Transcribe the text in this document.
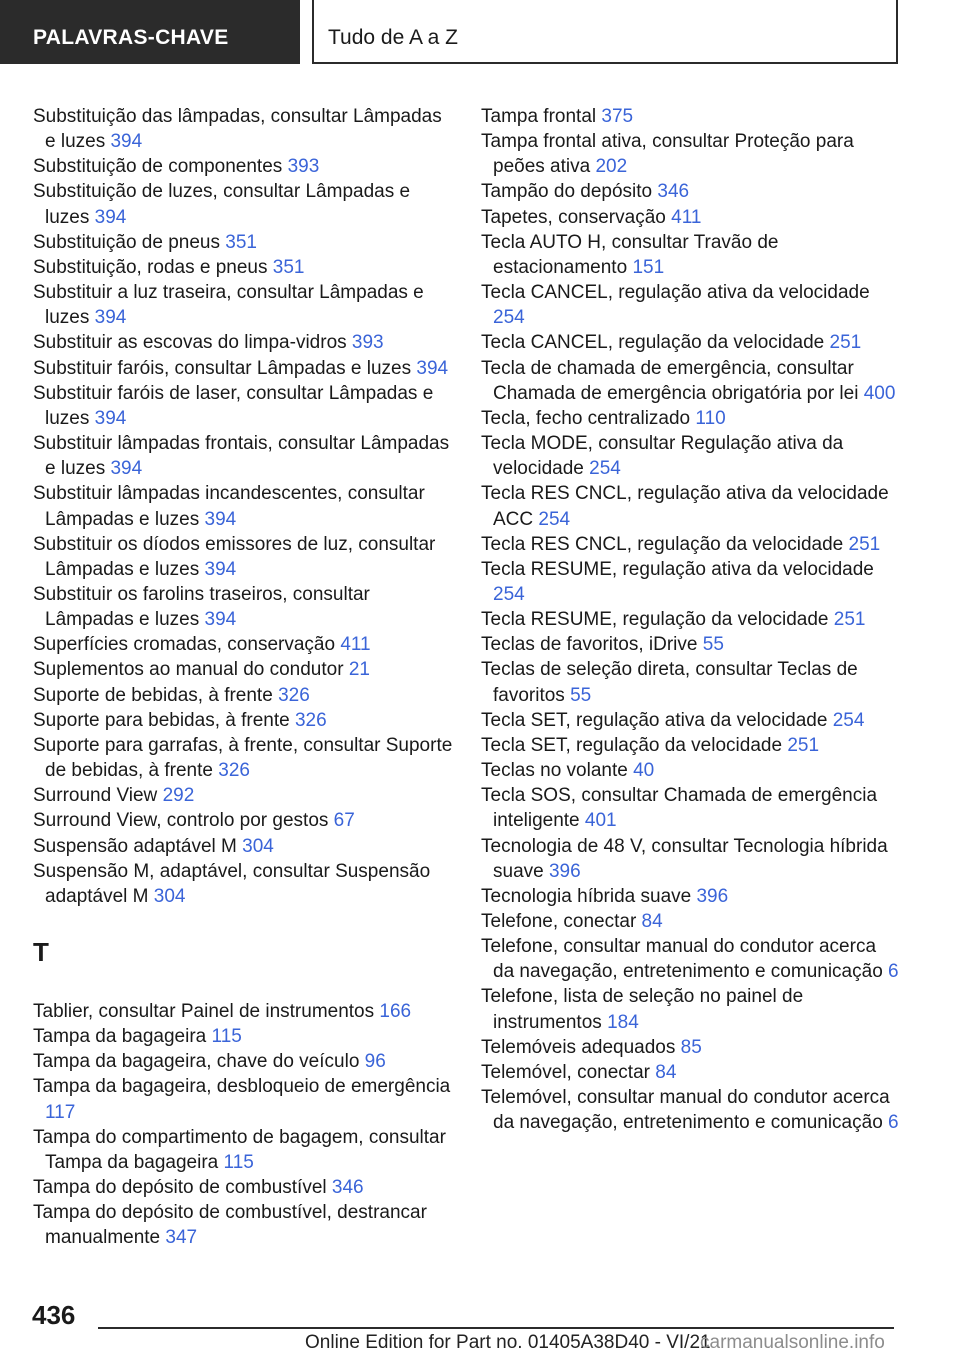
PALAVRAS-CHAVE	Tudo de A a Z

Substituição das lâmpadas, consultar Lâmpadas e luzes 394

Substituição de componentes 393

Substituição de luzes, consultar Lâmpadas e luzes 394

Substituição de pneus 351

Substituição, rodas e pneus 351

Substituir a luz traseira, consultar Lâmpadas e luzes 394

Substituir as escovas do limpa-vidros 393

Substituir faróis, consultar Lâmpadas e luzes 394

Substituir faróis de laser, consultar Lâmpadas e luzes 394

Substituir lâmpadas frontais, consultar Lâmpadas e luzes 394

Substituir lâmpadas incandescentes, consultar Lâmpadas e luzes 394

Substituir os díodos emissores de luz, consultar Lâmpadas e luzes 394

Substituir os farolins traseiros, consultar Lâmpadas e luzes 394

Superfícies cromadas, conservação 411

Suplementos ao manual do condutor 21

Suporte de bebidas, à frente 326

Suporte para bebidas, à frente 326

Suporte para garrafas, à frente, consultar Suporte de bebidas, à frente 326

Surround View 292

Surround View, controlo por gestos 67

Suspensão adaptável M 304

Suspensão M, adaptável, consultar Suspensão adaptável M 304

T

Tablier, consultar Painel de instrumentos 166

Tampa da bagageira 115

Tampa da bagageira, chave do veículo 96

Tampa da bagageira, desbloqueio de emergência 117

Tampa do compartimento de bagagem, consultar Tampa da bagageira 115

Tampa do depósito de combustível 346

Tampa do depósito de combustível, destrancar manualmente 347

Tampa frontal 375

Tampa frontal ativa, consultar Proteção para peões ativa 202

Tampão do depósito 346

Tapetes, conservação 411

Tecla AUTO H, consultar Travão de estacionamento 151

Tecla CANCEL, regulação ativa da velocidade 254

Tecla CANCEL, regulação da velocidade 251

Tecla de chamada de emergência, consultar Chamada de emergência obrigatória por lei 400

Tecla, fecho centralizado 110

Tecla MODE, consultar Regulação ativa da velocidade 254

Tecla RES CNCL, regulação ativa da velocidade ACC 254

Tecla RES CNCL, regulação da velocidade 251

Tecla RESUME, regulação ativa da velocidade 254

Tecla RESUME, regulação da velocidade 251

Teclas de favoritos, iDrive 55

Teclas de seleção direta, consultar Teclas de favoritos 55

Tecla SET, regulação ativa da velocidade 254

Tecla SET, regulação da velocidade 251

Teclas no volante 40

Tecla SOS, consultar Chamada de emergência inteligente 401

Tecnologia de 48 V, consultar Tecnologia híbrida suave 396

Tecnologia híbrida suave 396

Telefone, conectar 84

Telefone, consultar manual do condutor acerca da navegação, entretenimento e comunicação 6

Telefone, lista de seleção no painel de instrumentos 184

Telemóveis adequados 85

Telemóvel, conectar 84

Telemóvel, consultar manual do condutor acerca da navegação, entretenimento e comunicação 6

436
Online Edition for Part no. 01405A38D40 - VI/21
carmanualsonline.info
